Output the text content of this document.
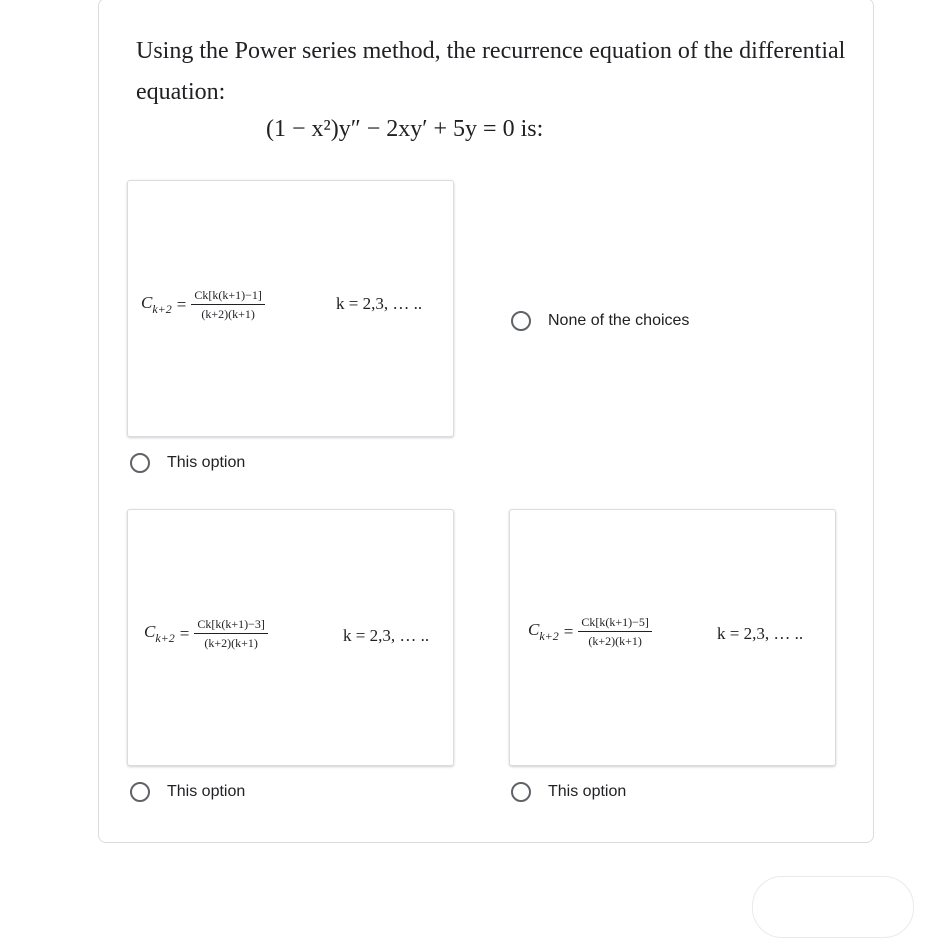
Using the Power series method, the recurrence equation of the differential equation:

(1 − x²)y″ − 2xy′ + 5y = 0 is:
$C_{k+2} = \frac{Ck[k(k+1)-1]}{(k+2)(k+1)}$	k = 2,3, … ..
This option
None of the choices
$C_{k+2} = \frac{Ck[k(k+1)-3]}{(k+2)(k+1)}$	k = 2,3, … ..
This option
$C_{k+2} = \frac{Ck[k(k+1)-5]}{(k+2)(k+1)}$	k = 2,3, … ..
This option
